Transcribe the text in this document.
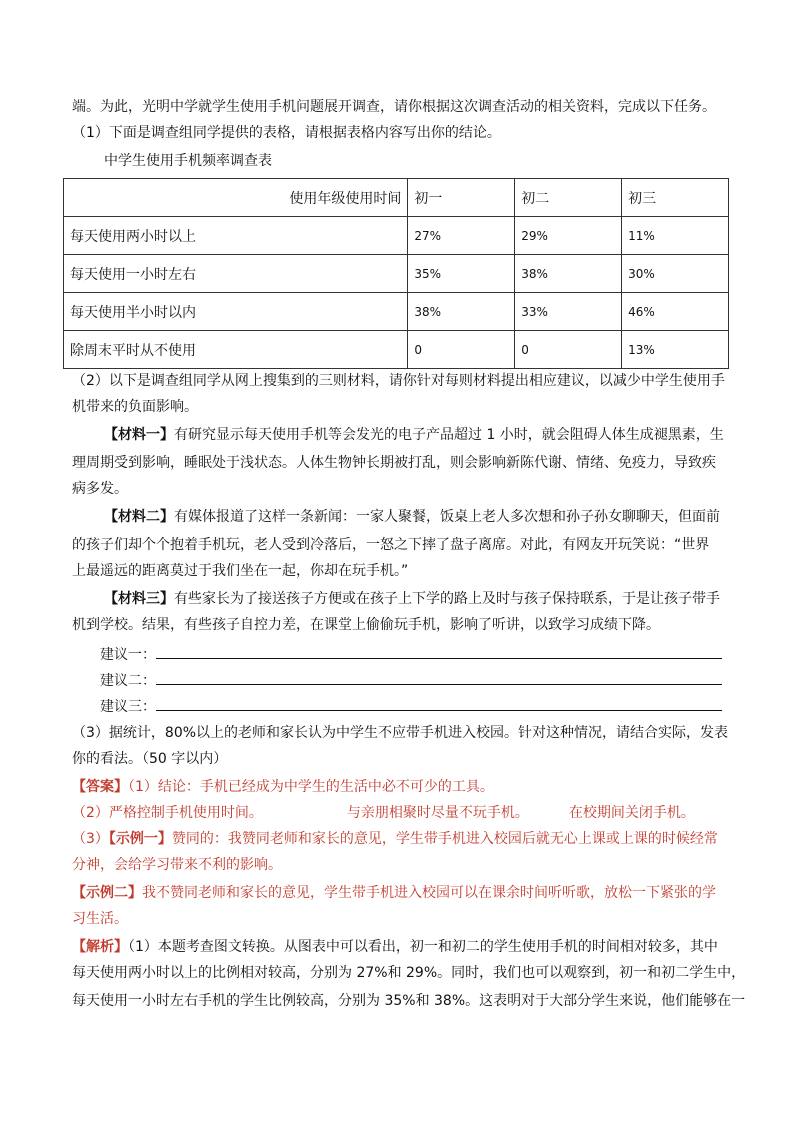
端。为此，光明中学就学生使用手机问题展开调查，请你根据这次调查活动的相关资料，完成以下任务。
（1）下面是调查组同学提供的表格，请根据表格内容写出你的结论。
中学生使用手机频率调查表
使用年级使用时间	初一	初二	初三
每天使用两小时以上	27%	29%	11%
每天使用一小时左右	35%	38%	30%
每天使用半小时以内	38%	33%	46%
除周末平时从不使用	0	0	13%
（2）以下是调查组同学从网上搜集到的三则材料，请你针对每则材料提出相应建议，以减少中学生使用手
机带来的负面影响。
【材料一】有研究显示每天使用手机等会发光的电子产品超过 1 小时，就会阻碍人体生成褪黑素，生
理周期受到影响，睡眠处于浅状态。人体生物钟长期被打乱，则会影响新陈代谢、情绪、免疫力，导致疾
病多发。
【材料二】有媒体报道了这样一条新闻：一家人聚餐，饭桌上老人多次想和孙子孙女聊聊天，但面前
的孩子们却个个抱着手机玩，老人受到冷落后，一怒之下摔了盘子离席。对此，有网友开玩笑说：“世界
上最遥远的距离莫过于我们坐在一起，你却在玩手机。”
【材料三】有些家长为了接送孩子方便或在孩子上下学的路上及时与孩子保持联系，于是让孩子带手
机到学校。结果，有些孩子自控力差，在课堂上偷偷玩手机，影响了听讲，以致学习成绩下降。
建议一：
建议二：
建议三：
（3）据统计，80%以上的老师和家长认为中学生不应带手机进入校园。针对这种情况，请结合实际，发表
你的看法。（50 字以内）
【答案】（1）结论：手机已经成为中学生的生活中必不可少的工具。
（2）严格控制手机使用时间。	与亲朋相聚时尽量不玩手机。	在校期间关闭手机。
（3）【示例一】赞同的：我赞同老师和家长的意见，学生带手机进入校园后就无心上课或上课的时候经常
分神，会给学习带来不利的影响。
【示例二】我不赞同老师和家长的意见，学生带手机进入校园可以在课余时间听听歌，放松一下紧张的学
习生活。
【解析】（1）本题考查图文转换。从图表中可以看出，初一和初二的学生使用手机的时间相对较多，其中
每天使用两小时以上的比例相对较高，分别为 27%和 29%。同时，我们也可以观察到，初一和初二学生中，
每天使用一小时左右手机的学生比例较高，分别为 35%和 38%。这表明对于大部分学生来说，他们能够在一
